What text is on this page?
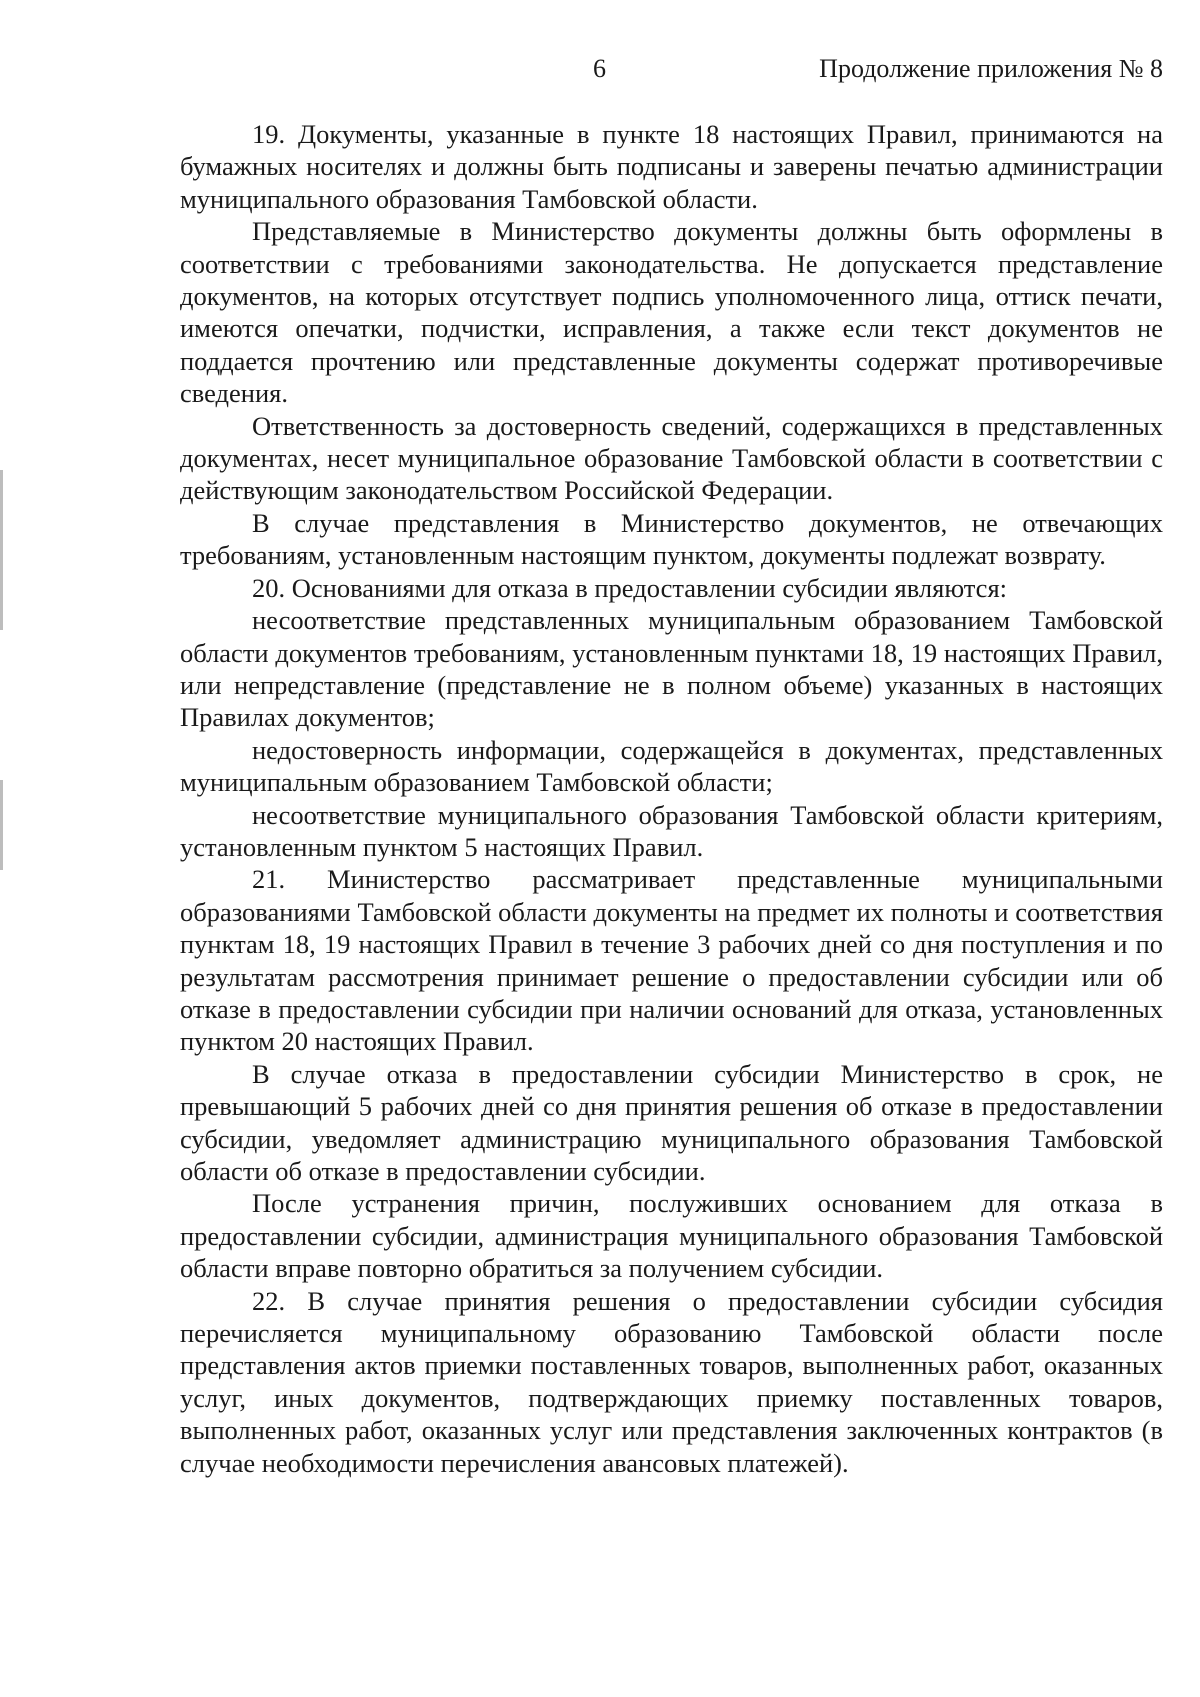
6	Продолжение приложения № 8

19. Документы, указанные в пункте 18 настоящих Правил, принимаются на бумажных носителях и должны быть подписаны и заверены печатью администрации муниципального образования Тамбовской области.

Представляемые в Министерство документы должны быть оформлены в соответствии с требованиями законодательства. Не допускается представление документов, на которых отсутствует подпись уполномоченного лица, оттиск печати, имеются опечатки, подчистки, исправления, а также если текст документов не поддается прочтению или представленные документы содержат противоречивые сведения.

Ответственность за достоверность сведений, содержащихся в представленных документах, несет муниципальное образование Тамбовской области в соответствии с действующим законодательством Российской Федерации.

В случае представления в Министерство документов, не отвечающих требованиям, установленным настоящим пунктом, документы подлежат возврату.

20. Основаниями для отказа в предоставлении субсидии являются:

несоответствие представленных муниципальным образованием Тамбовской области документов требованиям, установленным пунктами 18, 19 настоящих Правил, или непредставление (представление не в полном объеме) указанных в настоящих Правилах документов;

недостоверность информации, содержащейся в документах, представленных муниципальным образованием Тамбовской области;

несоответствие муниципального образования Тамбовской области критериям, установленным пунктом 5 настоящих Правил.

21. Министерство рассматривает представленные муниципальными образованиями Тамбовской области документы на предмет их полноты и соответствия пунктам 18, 19 настоящих Правил в течение 3 рабочих дней со дня поступления и по результатам рассмотрения принимает решение о предоставлении субсидии или об отказе в предоставлении субсидии при наличии оснований для отказа, установленных пунктом 20 настоящих Правил.

В случае отказа в предоставлении субсидии Министерство в срок, не превышающий 5 рабочих дней со дня принятия решения об отказе в предоставлении субсидии, уведомляет администрацию муниципального образования Тамбовской области об отказе в предоставлении субсидии.

После устранения причин, послуживших основанием для отказа в предоставлении субсидии, администрация муниципального образования Тамбовской области вправе повторно обратиться за получением субсидии.

22. В случае принятия решения о предоставлении субсидии субсидия перечисляется муниципальному образованию Тамбовской области после представления актов приемки поставленных товаров, выполненных работ, оказанных услуг, иных документов, подтверждающих приемку поставленных товаров, выполненных работ, оказанных услуг или представления заключенных контрактов (в случае необходимости перечисления авансовых платежей).
